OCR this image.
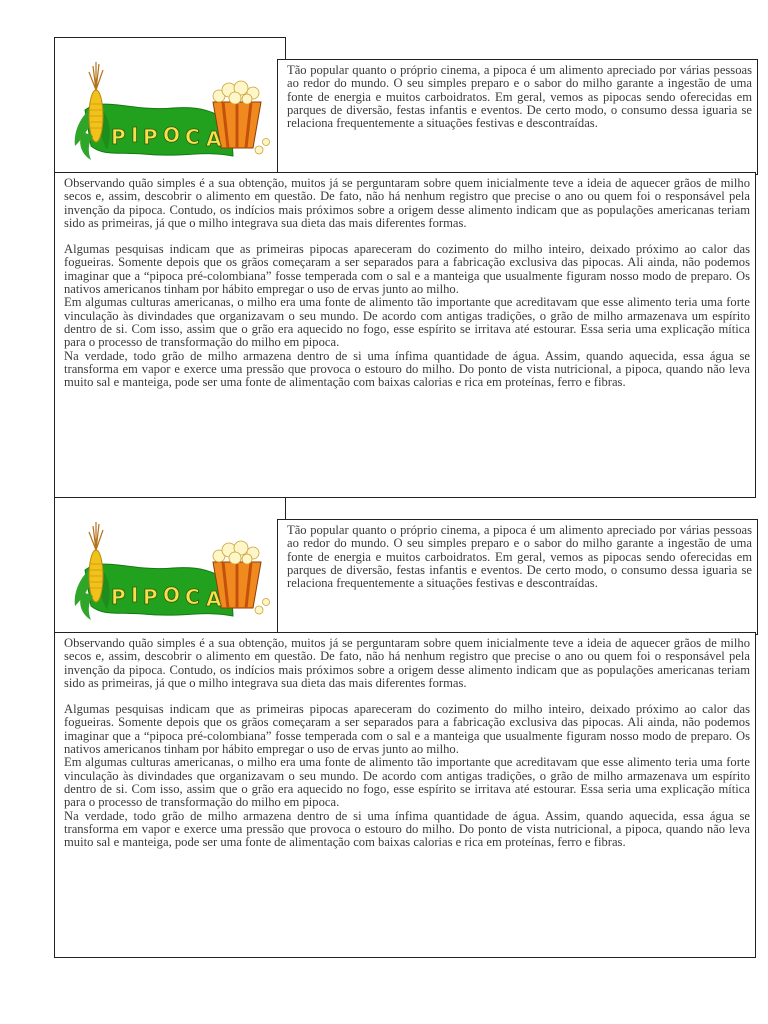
P I P O C A

Tão popular quanto o próprio cinema, a pipoca é um alimento apreciado por várias pessoas ao redor do mundo. O seu simples preparo e o sabor do milho garante a ingestão de uma fonte de energia e muitos carboidratos. Em geral, vemos as pipocas sendo oferecidas em parques de diversão, festas infantis e eventos. De certo modo, o consumo dessa iguaria se relaciona frequentemente a situações festivas e descontraídas.

Observando quão simples é a sua obtenção, muitos já se perguntaram sobre quem inicialmente teve a ideia de aquecer grãos de milho secos e, assim, descobrir o alimento em questão. De fato, não há nenhum registro que precise o ano ou quem foi o responsável pela invenção da pipoca. Contudo, os indícios mais próximos sobre a origem desse alimento indicam que as populações americanas teriam sido as primeiras, já que o milho integrava sua dieta das mais diferentes formas.

Algumas pesquisas indicam que as primeiras pipocas apareceram do cozimento do milho inteiro, deixado próximo ao calor das fogueiras. Somente depois que os grãos começaram a ser separados para a fabricação exclusiva das pipocas. Ali ainda, não podemos imaginar que a “pipoca pré-colombiana” fosse temperada com o sal e a manteiga que usualmente figuram nosso modo de preparo. Os nativos americanos tinham por hábito empregar o uso de ervas junto ao milho.

Em algumas culturas americanas, o milho era uma fonte de alimento tão importante que acreditavam que esse alimento teria uma forte vinculação às divindades que organizavam o seu mundo. De acordo com antigas tradições, o grão de milho armazenava um espírito dentro de si. Com isso, assim que o grão era aquecido no fogo, esse espírito se irritava até estourar. Essa seria uma explicação mítica para o processo de transformação do milho em pipoca.

Na verdade, todo grão de milho armazena dentro de si uma ínfima quantidade de água. Assim, quando aquecida, essa água se transforma em vapor e exerce uma pressão que provoca o estouro do milho. Do ponto de vista nutricional, a pipoca, quando não leva muito sal e manteiga, pode ser uma fonte de alimentação com baixas calorias e rica em proteínas, ferro e fibras.

P I P O C A

Tão popular quanto o próprio cinema, a pipoca é um alimento apreciado por várias pessoas ao redor do mundo. O seu simples preparo e o sabor do milho garante a ingestão de uma fonte de energia e muitos carboidratos. Em geral, vemos as pipocas sendo oferecidas em parques de diversão, festas infantis e eventos. De certo modo, o consumo dessa iguaria se relaciona frequentemente a situações festivas e descontraídas.

Observando quão simples é a sua obtenção, muitos já se perguntaram sobre quem inicialmente teve a ideia de aquecer grãos de milho secos e, assim, descobrir o alimento em questão. De fato, não há nenhum registro que precise o ano ou quem foi o responsável pela invenção da pipoca. Contudo, os indícios mais próximos sobre a origem desse alimento indicam que as populações americanas teriam sido as primeiras, já que o milho integrava sua dieta das mais diferentes formas.

Algumas pesquisas indicam que as primeiras pipocas apareceram do cozimento do milho inteiro, deixado próximo ao calor das fogueiras. Somente depois que os grãos começaram a ser separados para a fabricação exclusiva das pipocas. Ali ainda, não podemos imaginar que a “pipoca pré-colombiana” fosse temperada com o sal e a manteiga que usualmente figuram nosso modo de preparo. Os nativos americanos tinham por hábito empregar o uso de ervas junto ao milho.

Em algumas culturas americanas, o milho era uma fonte de alimento tão importante que acreditavam que esse alimento teria uma forte vinculação às divindades que organizavam o seu mundo. De acordo com antigas tradições, o grão de milho armazenava um espírito dentro de si. Com isso, assim que o grão era aquecido no fogo, esse espírito se irritava até estourar. Essa seria uma explicação mítica para o processo de transformação do milho em pipoca.

Na verdade, todo grão de milho armazena dentro de si uma ínfima quantidade de água. Assim, quando aquecida, essa água se transforma em vapor e exerce uma pressão que provoca o estouro do milho. Do ponto de vista nutricional, a pipoca, quando não leva muito sal e manteiga, pode ser uma fonte de alimentação com baixas calorias e rica em proteínas, ferro e fibras.
